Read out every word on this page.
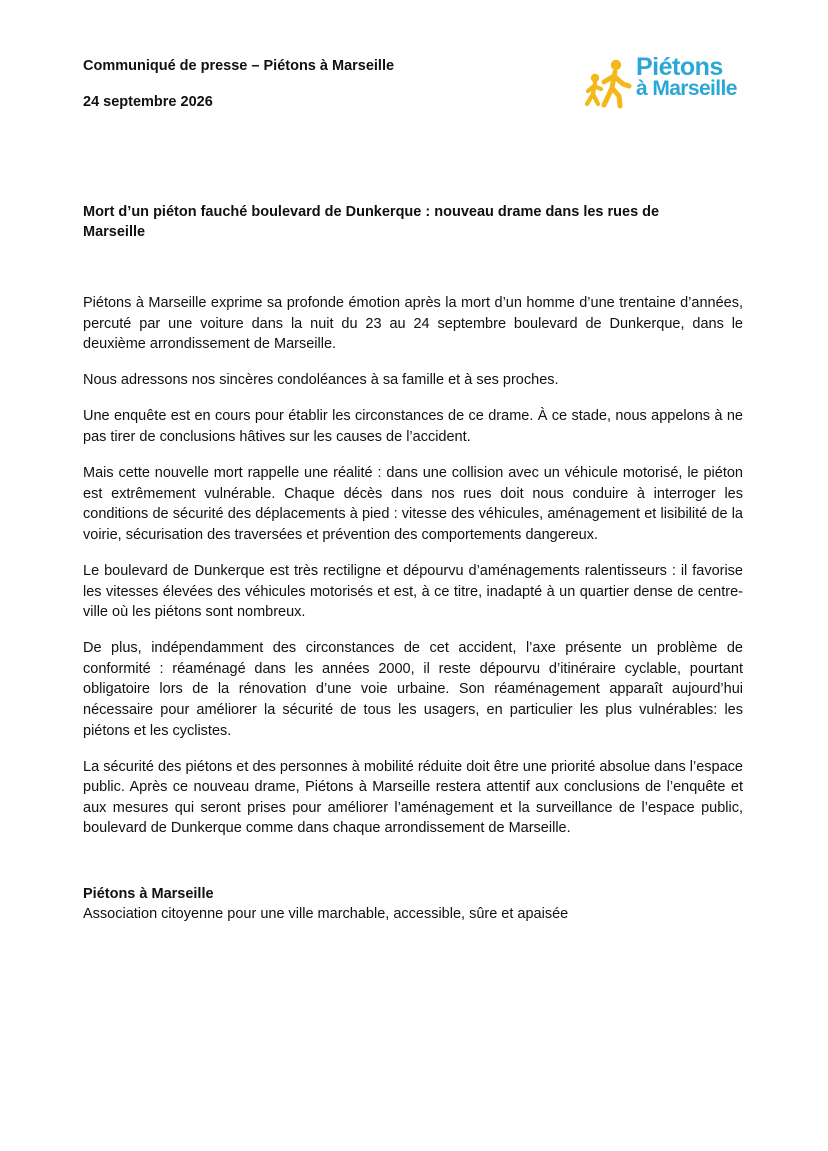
Communiqué de presse – Piétons à Marseille
24 septembre 2026
Piétons
à Marseille
Mort d’un piéton fauché boulevard de Dunkerque : nouveau drame dans les rues de Marseille

Piétons à Marseille exprime sa profonde émotion après la mort d’un homme d’une trentaine d’années, percuté par une voiture dans la nuit du 23 au 24 septembre boulevard de Dunkerque, dans le deuxième arrondissement de Marseille.

Nous adressons nos sincères condoléances à sa famille et à ses proches.

Une enquête est en cours pour établir les circonstances de ce drame. À ce stade, nous appelons à ne pas tirer de conclusions hâtives sur les causes de l’accident.

Mais cette nouvelle mort rappelle une réalité : dans une collision avec un véhicule motorisé, le piéton est extrêmement vulnérable. Chaque décès dans nos rues doit nous conduire à interroger les conditions de sécurité des déplacements à pied : vitesse des véhicules, aménagement et lisibilité de la voirie, sécurisation des traversées et prévention des comportements dangereux.

Le boulevard de Dunkerque est très rectiligne et dépourvu d’aménagements ralentisseurs : il favorise les vitesses élevées des véhicules motorisés et est, à ce titre, inadapté à un quartier dense de centre-ville où les piétons sont nombreux.

De plus, indépendamment des circonstances de cet accident, l’axe présente un problème de conformité : réaménagé dans les années 2000, il reste dépourvu d’itinéraire cyclable, pourtant obligatoire lors de la rénovation d’une voie urbaine. Son réaménagement apparaît aujourd’hui nécessaire pour améliorer la sécurité de tous les usagers, en particulier les plus vulnérables: les piétons et les cyclistes.

La sécurité des piétons et des personnes à mobilité réduite doit être une priorité absolue dans l’espace public. Après ce nouveau drame, Piétons à Marseille restera attentif aux conclusions de l’enquête et aux mesures qui seront prises pour améliorer l’aménagement et la surveillance de l’espace public, boulevard de Dunkerque comme dans chaque arrondissement de Marseille.

Piétons à Marseille
Association citoyenne pour une ville marchable, accessible, sûre et apaisée
